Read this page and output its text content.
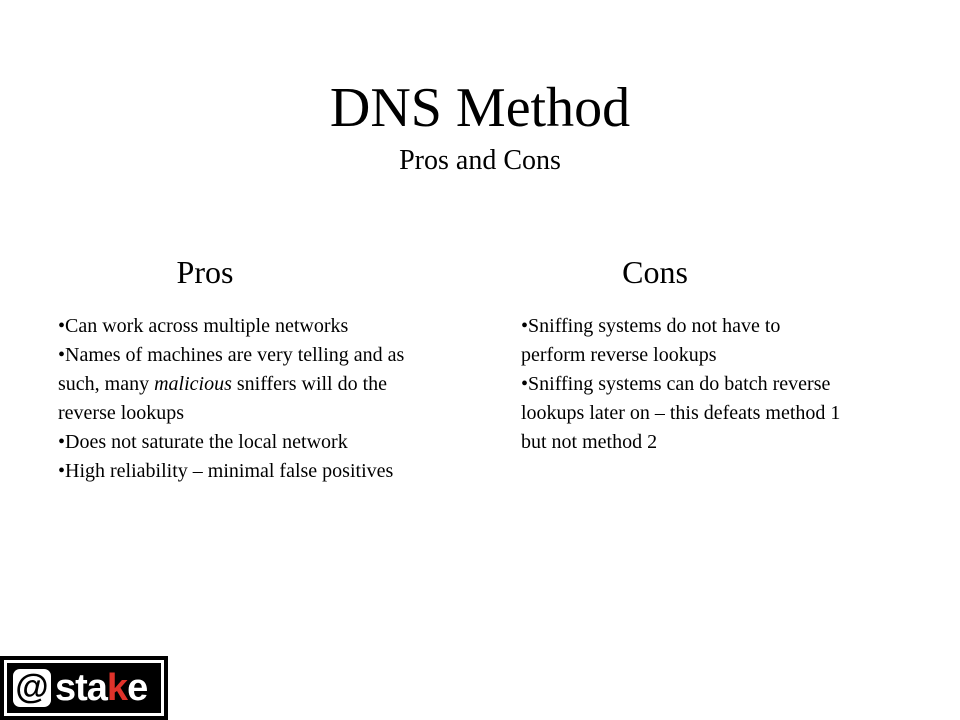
DNS Method
Pros and Cons
Pros	Cons
•Can work across multiple networks
•Names of machines are very telling and as such, many malicious sniffers will do the reverse lookups
•Does not saturate the local network
•High reliability – minimal false positives
•Sniffing systems do not have to perform reverse lookups
•Sniffing systems can do batch reverse lookups later on – this defeats method 1 but not method 2
@ stake
